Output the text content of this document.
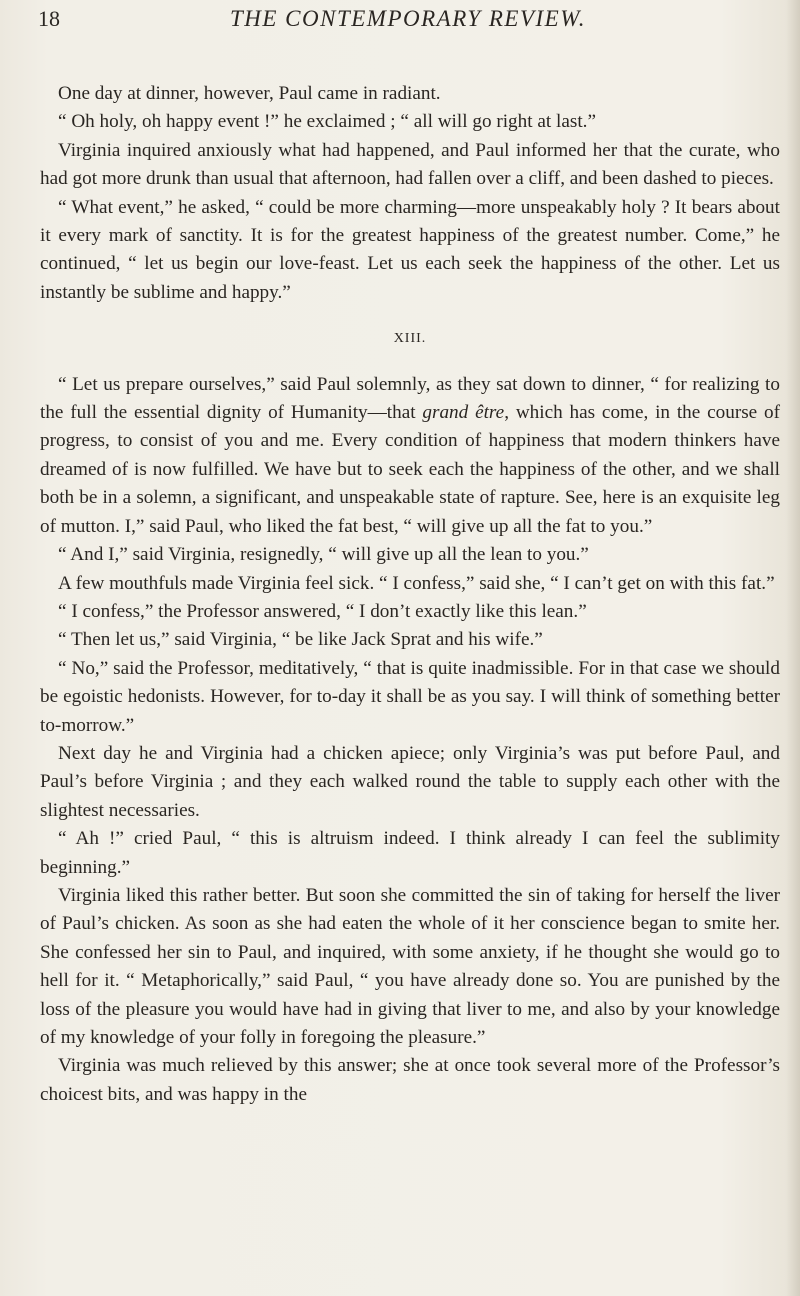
18	THE CONTEMPORARY REVIEW.

One day at dinner, however, Paul came in radiant.

“ Oh holy, oh happy event !” he exclaimed ; “ all will go right at last.”

Virginia inquired anxiously what had happened, and Paul informed her that the curate, who had got more drunk than usual that afternoon, had fallen over a cliff, and been dashed to pieces.

“ What event,” he asked, “ could be more charming—more unspeakably holy ? It bears about it every mark of sanctity. It is for the greatest happiness of the greatest number. Come,” he continued, “ let us begin our love-feast. Let us each seek the happiness of the other. Let us instantly be sublime and happy.”

XIII.

“ Let us prepare ourselves,” said Paul solemnly, as they sat down to dinner, “ for realizing to the full the essential dignity of Humanity—that grand être, which has come, in the course of progress, to consist of you and me. Every condition of happiness that modern thinkers have dreamed of is now fulfilled. We have but to seek each the happiness of the other, and we shall both be in a solemn, a significant, and unspeakable state of rapture. See, here is an exquisite leg of mutton. I,” said Paul, who liked the fat best, “ will give up all the fat to you.”

“ And I,” said Virginia, resignedly, “ will give up all the lean to you.”

A few mouthfuls made Virginia feel sick. “ I confess,” said she, “ I can’t get on with this fat.”

“ I confess,” the Professor answered, “ I don’t exactly like this lean.”

“ Then let us,” said Virginia, “ be like Jack Sprat and his wife.”

“ No,” said the Professor, meditatively, “ that is quite inadmissible. For in that case we should be egoistic hedonists. However, for to-day it shall be as you say. I will think of something better to-morrow.”

Next day he and Virginia had a chicken apiece; only Virginia’s was put before Paul, and Paul’s before Virginia ; and they each walked round the table to supply each other with the slightest necessaries.

“ Ah !” cried Paul, “ this is altruism indeed. I think already I can feel the sublimity beginning.”

Virginia liked this rather better. But soon she committed the sin of taking for herself the liver of Paul’s chicken. As soon as she had eaten the whole of it her conscience began to smite her. She confessed her sin to Paul, and inquired, with some anxiety, if he thought she would go to hell for it. “ Metaphorically,” said Paul, “ you have already done so. You are punished by the loss of the pleasure you would have had in giving that liver to me, and also by your knowledge of my knowledge of your folly in foregoing the pleasure.”

Virginia was much relieved by this answer; she at once took several more of the Professor’s choicest bits, and was happy in the
